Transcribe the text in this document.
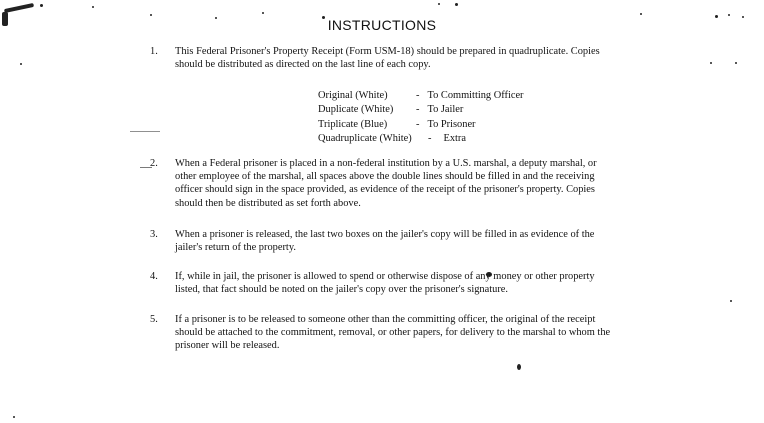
INSTRUCTIONS
1.	This Federal Prisoner's Property Receipt (Form USM-18) should be prepared in quadruplicate. Copies should be distributed as directed on the last line of each copy.
Original (White)	- To Committing Officer
Duplicate (White)	- To Jailer
Triplicate (Blue)	- To Prisoner
Quadruplicate (White)	- Extra
2.	When a Federal prisoner is placed in a non-federal institution by a U.S. marshal, a deputy marshal, or other employee of the marshal, all spaces above the double lines should be filled in and the receiving officer should sign in the space provided, as evidence of the receipt of the prisoner's property. Copies should then be distributed as set forth above.
3.	When a prisoner is released, the last two boxes on the jailer's copy will be filled in as evidence of the jailer's return of the property.
4.	If, while in jail, the prisoner is allowed to spend or otherwise dispose of any money or other property listed, that fact should be noted on the jailer's copy over the prisoner's signature.
5.	If a prisoner is to be released to someone other than the committing officer, the original of the receipt should be attached to the commitment, removal, or other papers, for delivery to the marshal to whom the prisoner will be released.
